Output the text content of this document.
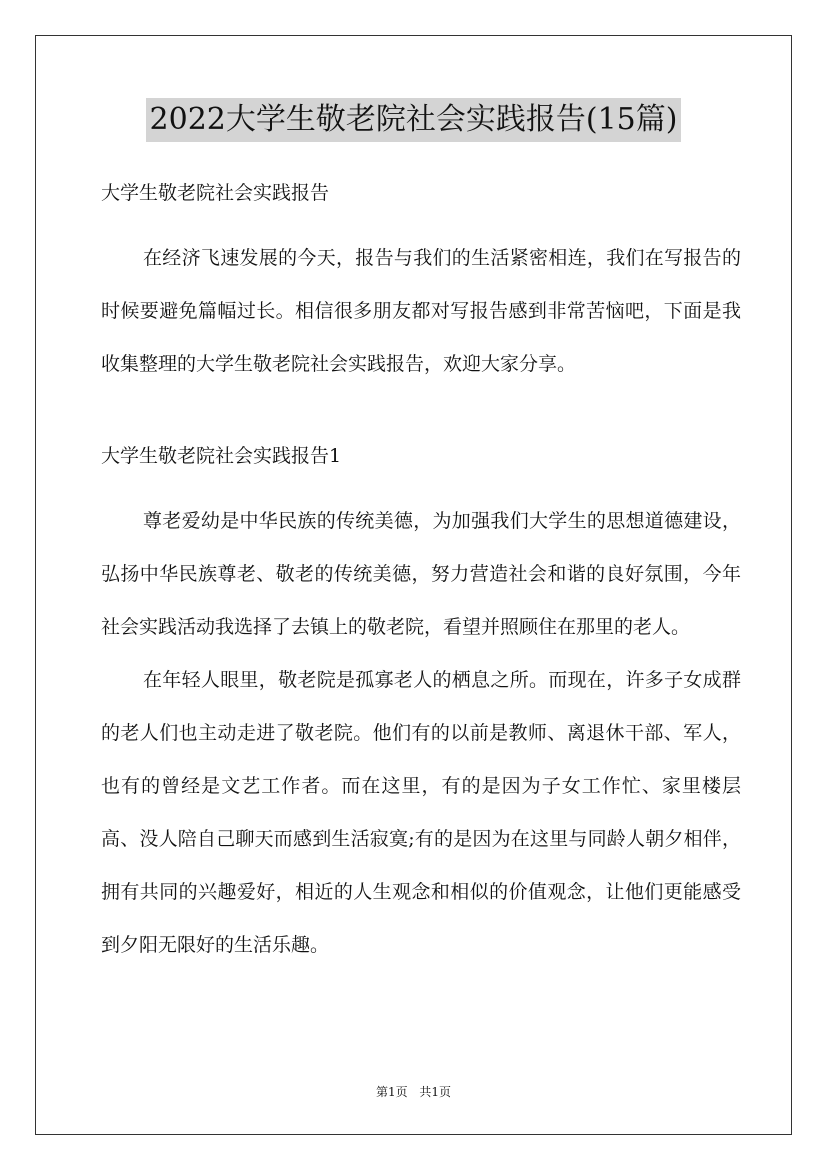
2022大学生敬老院社会实践报告(15篇)

大学生敬老院社会实践报告

在经济飞速发展的今天，报告与我们的生活紧密相连，我们在写报告的时候要避免篇幅过长。相信很多朋友都对写报告感到非常苦恼吧，下面是我收集整理的大学生敬老院社会实践报告，欢迎大家分享。

大学生敬老院社会实践报告1

尊老爱幼是中华民族的传统美德，为加强我们大学生的思想道德建设，弘扬中华民族尊老、敬老的传统美德，努力营造社会和谐的良好氛围，今年社会实践活动我选择了去镇上的敬老院，看望并照顾住在那里的老人。

在年轻人眼里，敬老院是孤寡老人的栖息之所。而现在，许多子女成群的老人们也主动走进了敬老院。他们有的以前是教师、离退休干部、军人，也有的曾经是文艺工作者。而在这里，有的是因为子女工作忙、家里楼层高、没人陪自己聊天而感到生活寂寞;有的是因为在这里与同龄人朝夕相伴，拥有共同的兴趣爱好，相近的人生观念和相似的价值观念，让他们更能感受到夕阳无限好的生活乐趣。

第1页 共1页
